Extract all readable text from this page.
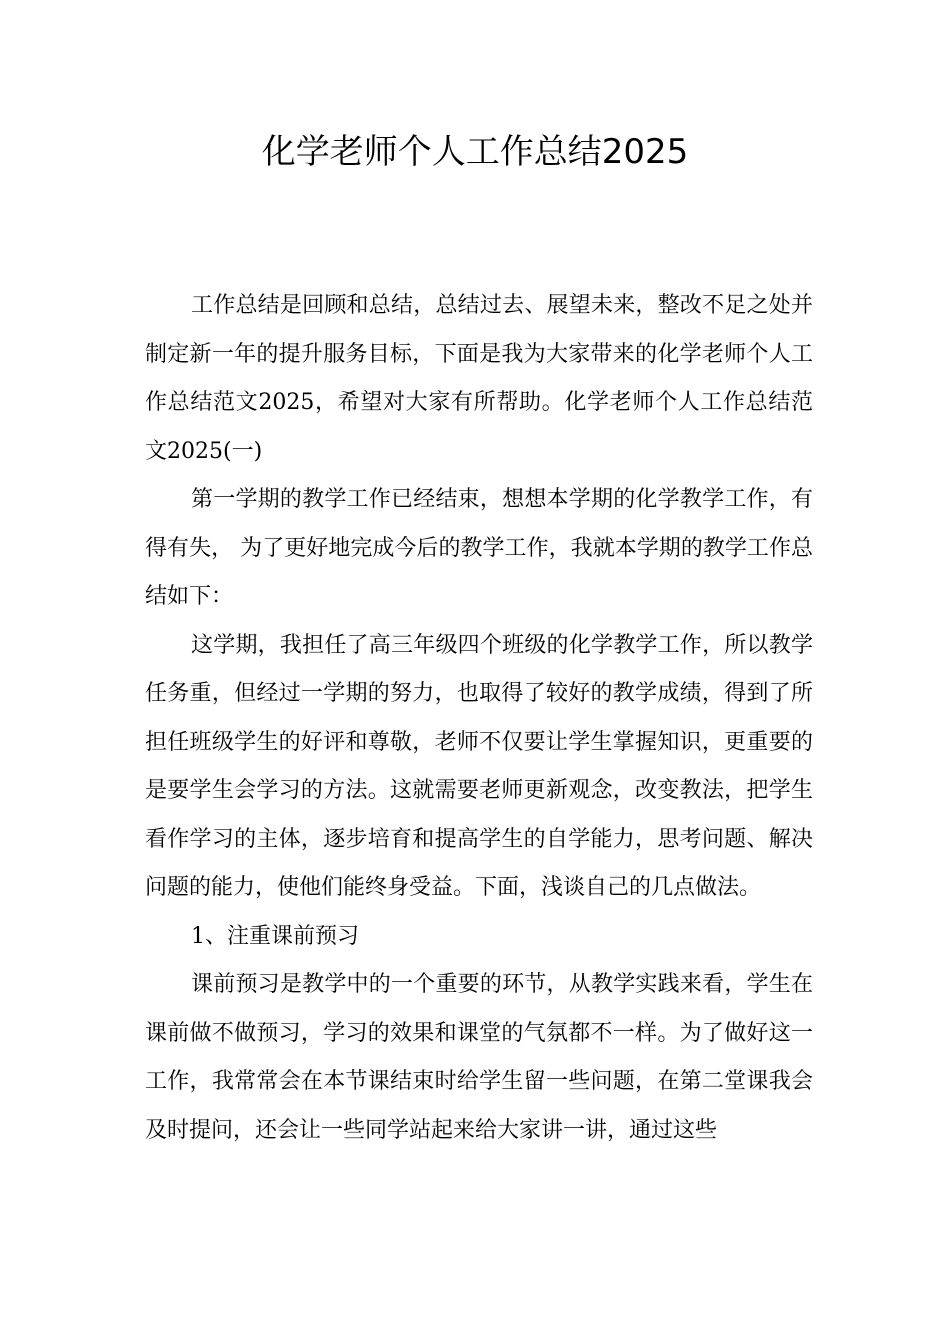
化学老师个人工作总结2025

工作总结是回顾和总结，总结过去、展望未来，整改不足之处并制定新一年的提升服务目标，下面是我为大家带来的化学老师个人工作总结范文2025，希望对大家有所帮助。化学老师个人工作总结范文2025(一)

第一学期的教学工作已经结束，想想本学期的化学教学工作，有得有失， 为了更好地完成今后的教学工作，我就本学期的教学工作总结如下：

这学期，我担任了高三年级四个班级的化学教学工作，所以教学任务重，但经过一学期的努力，也取得了较好的教学成绩，得到了所担任班级学生的好评和尊敬，老师不仅要让学生掌握知识，更重要的是要学生会学习的方法。这就需要老师更新观念，改变教法，把学生看作学习的主体，逐步培育和提高学生的自学能力，思考问题、解决问题的能力，使他们能终身受益。下面，浅谈自己的几点做法。

1、注重课前预习

课前预习是教学中的一个重要的环节，从教学实践来看，学生在课前做不做预习，学习的效果和课堂的气氛都不一样。为了做好这一工作，我常常会在本节课结束时给学生留一些问题，在第二堂课我会及时提问，还会让一些同学站起来给大家讲一讲，通过这些
